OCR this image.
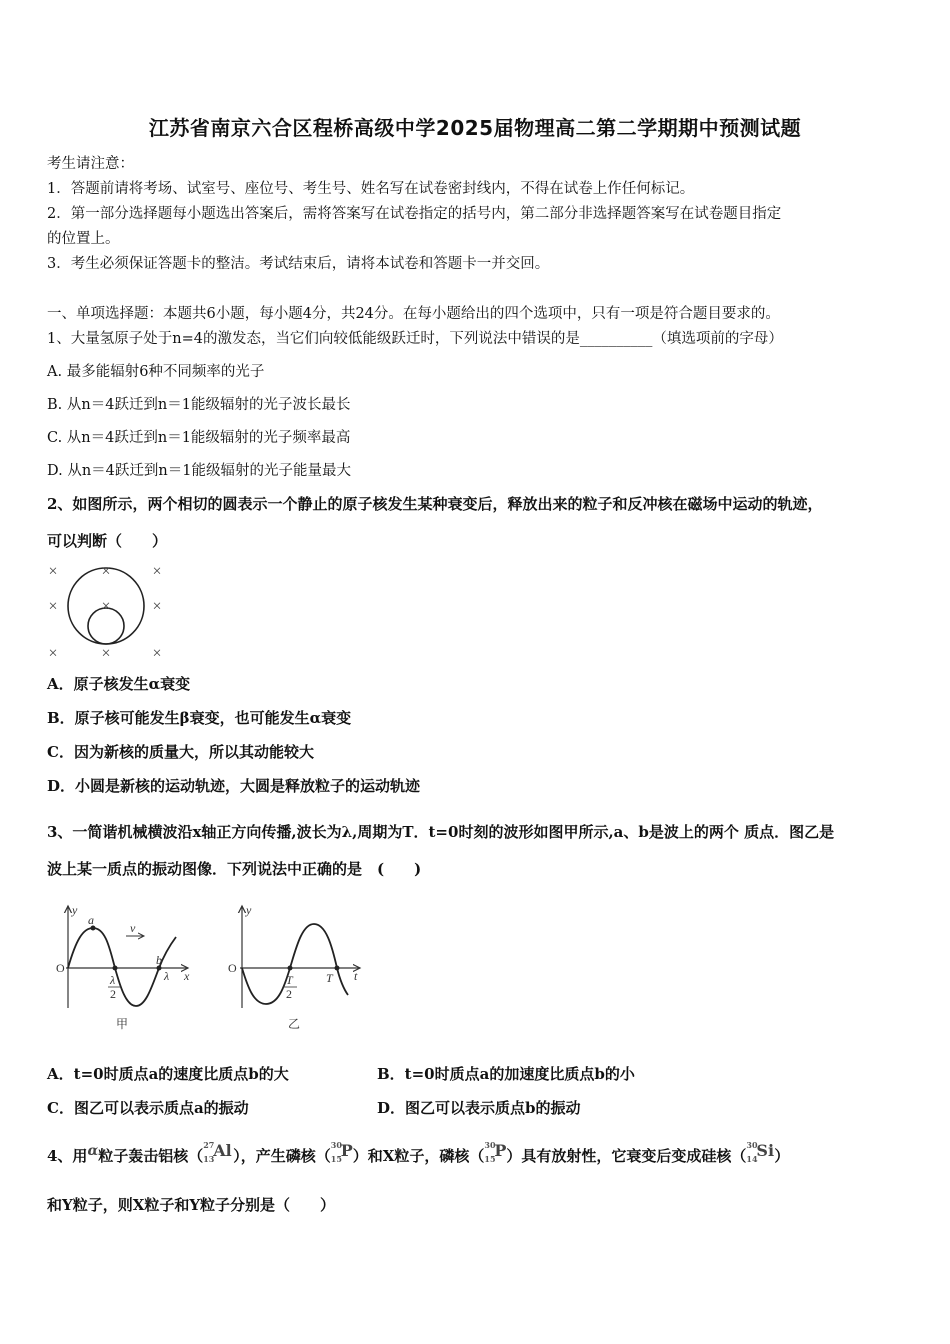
江苏省南京六合区程桥高级中学2025届物理高二第二学期期中预测试题
考生请注意：
1．答题前请将考场、试室号、座位号、考生号、姓名写在试卷密封线内，不得在试卷上作任何标记。
2．第一部分选择题每小题选出答案后，需将答案写在试卷指定的括号内，第二部分非选择题答案写在试卷题目指定
的位置上。
3．考生必须保证答题卡的整洁。考试结束后，请将本试卷和答题卡一并交回。
一、单项选择题：本题共6小题，每小题4分，共24分。在每小题给出的四个选项中，只有一项是符合题目要求的。
1、大量氢原子处于n=4的激发态，当它们向较低能级跃迁时，下列说法中错误的是__________（填选项前的字母）
A. 最多能辐射6种不同频率的光子
B. 从n＝4跃迁到n＝1能级辐射的光子波长最长
C. 从n＝4跃迁到n＝1能级辐射的光子频率最高
D. 从n＝4跃迁到n＝1能级辐射的光子能量最大
2、如图所示，两个相切的圆表示一个静止的原子核发生某种衰变后，释放出来的粒子和反冲核在磁场中运动的轨迹，
可以判断（　　）
×	×	×
×	×	×
×	×	×
A．原子核发生α衰变
B．原子核可能发生β衰变，也可能发生α衰变
C．因为新核的质量大，所以其动能较大
D．小圆是新核的运动轨迹，大圆是释放粒子的运动轨迹
3、一简谐机械横波沿x轴正方向传播,波长为λ,周期为T．t=0时刻的波形如图甲所示,a、b是波上的两个 质点．图乙是
波上某一质点的振动图像．下列说法中正确的是　(　　)
y
O
a
b
v
λ
2
λ x
甲
y
O
T
2
T t
乙
A．t=0时质点a的速度比质点b的大	B．t=0时质点a的加速度比质点b的小
C．图乙可以表示质点a的振动	D．图乙可以表示质点b的振动
4、用α粒子轰击铝核（
27
13
Al ），产生磷核（
30
15
P ）和X粒子，磷核（
30
15
P ）具有放射性，它衰变后变成硅核（
30
14
Si ）
和Y粒子，则X粒子和Y粒子分别是（　　）
